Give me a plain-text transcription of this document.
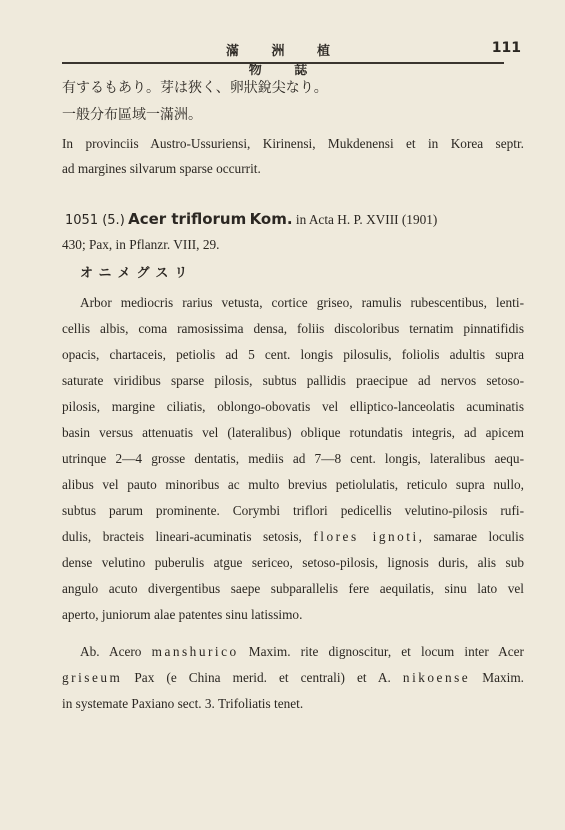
滿 洲 植 物 誌
111
有するもあり。芽は狹く、卵狀銳尖なり。
一般分布區域一滿洲。
In provinciis Austro-Ussuriensi, Kirinensi, Mukdenensi et in Korea septr.
ad margines silvarum sparse occurrit.
1051 (5.) Acer triflorum Kom. in Acta H. P. XVIII (1901)
430; Pax, in Pflanzr. VIII, 29.
オニメグスリ
Arbor mediocris rarius vetusta, cortice griseo, ramulis rubescentibus, lenti-
cellis albis, coma ramosissima densa, foliis discoloribus ternatim pinnatifidis
opacis, chartaceis, petiolis ad 5 cent. longis pilosulis, foliolis adultis supra
saturate viridibus sparse pilosis, subtus pallidis praecipue ad nervos setoso-
pilosis, margine ciliatis, oblongo-obovatis vel elliptico-lanceolatis acuminatis
basin versus attenuatis vel (lateralibus) oblique rotundatis integris, ad apicem
utrinque 2—4 grosse dentatis, mediis ad 7—8 cent. longis, lateralibus aequ-
alibus vel pauto minoribus ac multo brevius petiolulatis, reticulo supra nullo,
subtus parum prominente. Corymbi triflori pedicellis velutino-pilosis rufi-
dulis, bracteis lineari-acuminatis setosis, flores ignoti, samarae loculis
dense velutino puberulis atgue sericeo, setoso-pilosis, lignosis duris, alis sub
angulo acuto divergentibus saepe subparallelis fere aequilatis, sinu lato vel
aperto, juniorum alae patentes sinu latissimo.
Ab. Acero manshurico Maxim. rite dignoscitur, et locum inter Acer
griseum Pax (e China merid. et centrali) et A. nikoense Maxim.
in systemate Paxiano sect. 3. Trifoliatis tenet.
